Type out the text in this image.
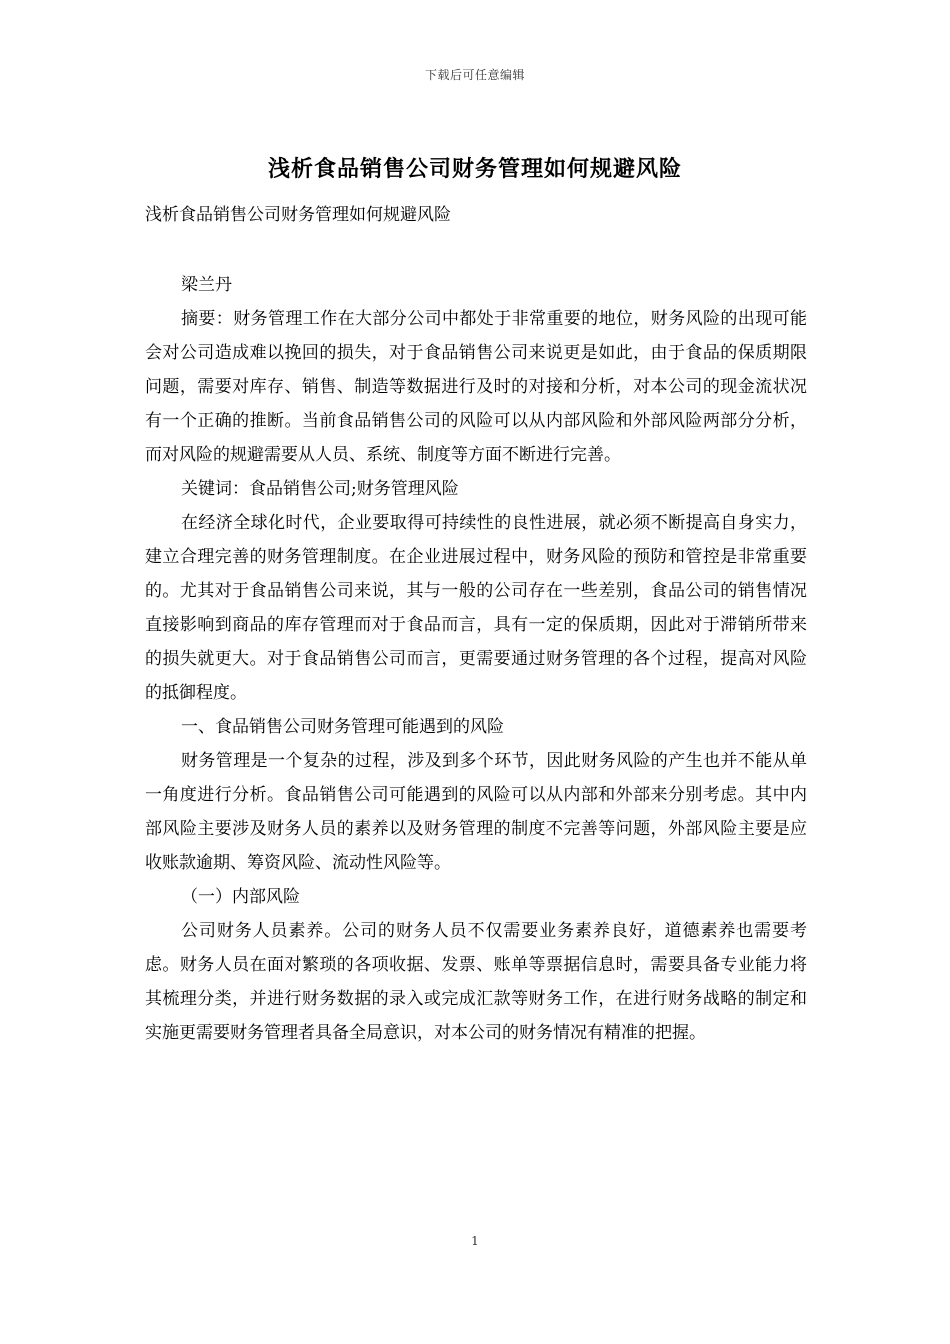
下载后可任意编辑
浅析食品销售公司财务管理如何规避风险

浅析食品销售公司财务管理如何规避风险

梁兰丹

摘要：财务管理工作在大部分公司中都处于非常重要的地位，财务风险的出现可能会对公司造成难以挽回的损失，对于食品销售公司来说更是如此，由于食品的保质期限问题，需要对库存、销售、制造等数据进行及时的对接和分析，对本公司的现金流状况有一个正确的推断。当前食品销售公司的风险可以从内部风险和外部风险两部分分析，而对风险的规避需要从人员、系统、制度等方面不断进行完善。

关键词：食品销售公司;财务管理风险

在经济全球化时代，企业要取得可持续性的良性进展，就必须不断提高自身实力，建立合理完善的财务管理制度。在企业进展过程中，财务风险的预防和管控是非常重要的。尤其对于食品销售公司来说，其与一般的公司存在一些差别，食品公司的销售情况直接影响到商品的库存管理而对于食品而言，具有一定的保质期，因此对于滞销所带来的损失就更大。对于食品销售公司而言，更需要通过财务管理的各个过程，提高对风险的抵御程度。

一、食品销售公司财务管理可能遇到的风险

财务管理是一个复杂的过程，涉及到多个环节，因此财务风险的产生也并不能从单一角度进行分析。食品销售公司可能遇到的风险可以从内部和外部来分别考虑。其中内部风险主要涉及财务人员的素养以及财务管理的制度不完善等问题，外部风险主要是应收账款逾期、筹资风险、流动性风险等。

（一）内部风险

公司财务人员素养。公司的财务人员不仅需要业务素养良好，道德素养也需要考虑。财务人员在面对繁琐的各项收据、发票、账单等票据信息时，需要具备专业能力将其梳理分类，并进行财务数据的录入或完成汇款等财务工作，在进行财务战略的制定和实施更需要财务管理者具备全局意识，对本公司的财务情况有精准的把握。

1
